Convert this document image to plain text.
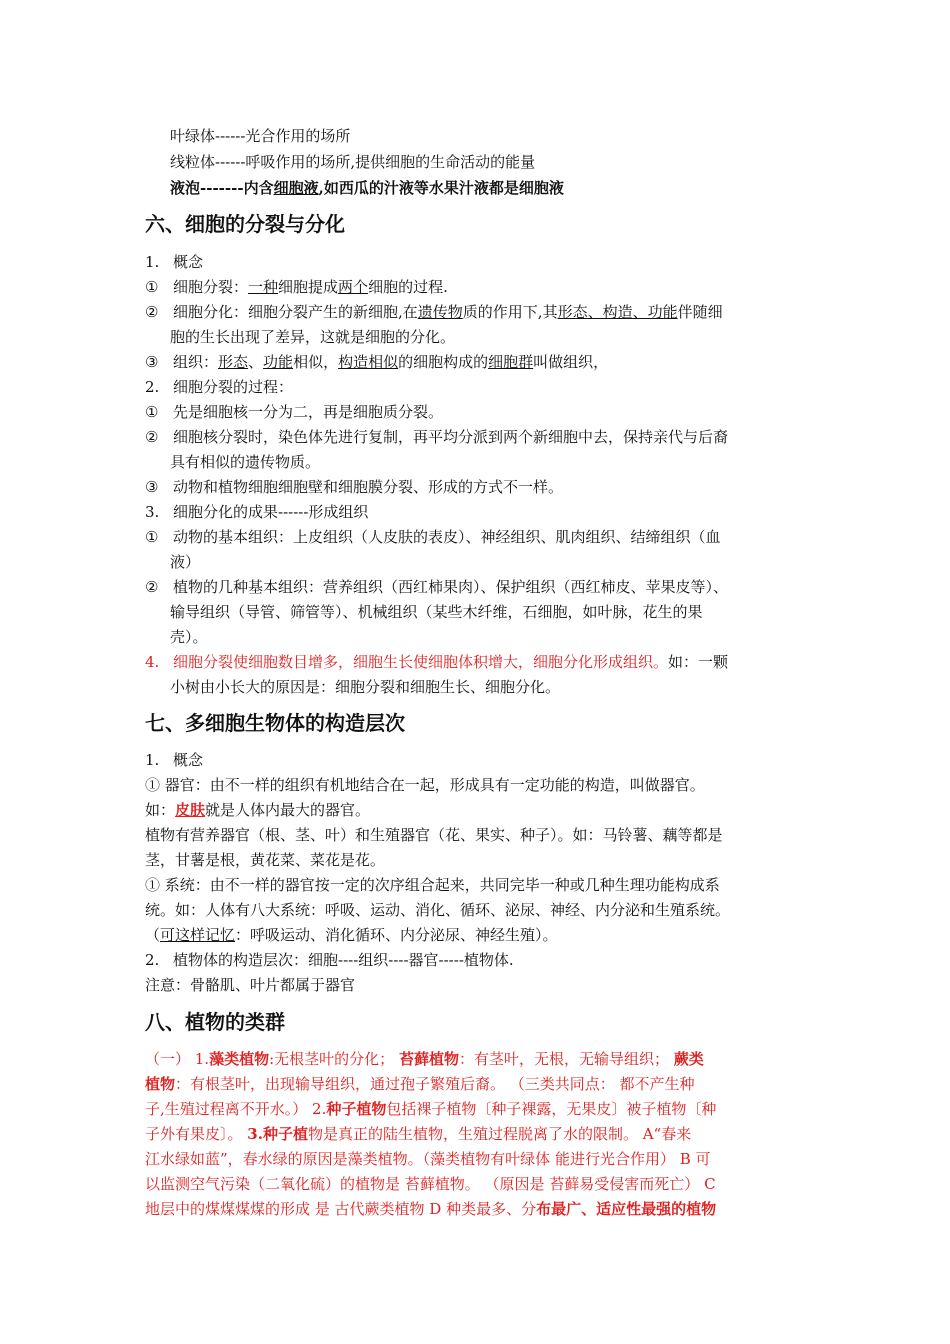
叶绿体------光合作用的场所
线粒体------呼吸作用的场所,提供细胞的生命活动的能量
液泡-------内含细胞液,如西瓜的汁液等水果汁液都是细胞液
六、细胞的分裂与分化
1. 概念
① 细胞分裂：一种细胞提成两个细胞的过程.
② 细胞分化：细胞分裂产生的新细胞,在遗传物质的作用下,其形态、构造、功能伴随细
胞的生长出现了差异，这就是细胞的分化。
③ 组织：形态、功能相似，构造相似的细胞构成的细胞群叫做组织，
2. 细胞分裂的过程：
① 先是细胞核一分为二，再是细胞质分裂。
② 细胞核分裂时，染色体先进行复制，再平均分派到两个新细胞中去，保持亲代与后裔
具有相似的遗传物质。
③ 动物和植物细胞细胞壁和细胞膜分裂、形成的方式不一样。
3. 细胞分化的成果------形成组织
① 动物的基本组织：上皮组织（人皮肤的表皮）、神经组织、肌肉组织、结缔组织（血
液）
② 植物的几种基本组织：营养组织（西红柿果肉）、保护组织（西红柿皮、苹果皮等）、
输导组织（导管、筛管等）、机械组织（某些木纤维，石细胞，如叶脉，花生的果
壳）。
4. 细胞分裂使细胞数目增多，细胞生长使细胞体积增大，细胞分化形成组织。如：一颗
小树由小长大的原因是：细胞分裂和细胞生长、细胞分化。
七、多细胞生物体的构造层次
1. 概念
① 器官：由不一样的组织有机地结合在一起，形成具有一定功能的构造，叫做器官。
如：皮肤就是人体内最大的器官。
植物有营养器官（根、茎、叶）和生殖器官（花、果实、种子）。如：马铃薯、藕等都是
茎，甘薯是根，黄花菜、菜花是花。
① 系统：由不一样的器官按一定的次序组合起来，共同完毕一种或几种生理功能构成系
统。如：人体有八大系统：呼吸、运动、消化、循环、泌尿、神经、内分泌和生殖系统。
（可这样记忆：呼吸运动、消化循环、内分泌尿、神经生殖）。
2. 植物体的构造层次：细胞----组织----器官-----植物体.
注意：骨骼肌、叶片都属于器官
八、植物的类群
（一） 1.藻类植物:无根茎叶的分化； 苔藓植物：有茎叶，无根，无输导组织； 蕨类
植物：有根茎叶，出现输导组织，通过孢子繁殖后裔。 （三类共同点： 都不产生种
子,生殖过程离不开水。） 2.种子植物包括裸子植物〔种子裸露，无果皮〕被子植物〔种
子外有果皮〕。 3.种子植物是真正的陆生植物，生殖过程脱离了水的限制。 A“春来
江水绿如蓝”，春水绿的原因是藻类植物。（藻类植物有叶绿体 能进行光合作用） B 可
以监测空气污染（二氧化硫）的植物是 苔藓植物。 （原因是 苔藓易受侵害而死亡） C
地层中的煤煤煤煤的形成 是 古代蕨类植物 D 种类最多、分布最广、适应性最强的植物
